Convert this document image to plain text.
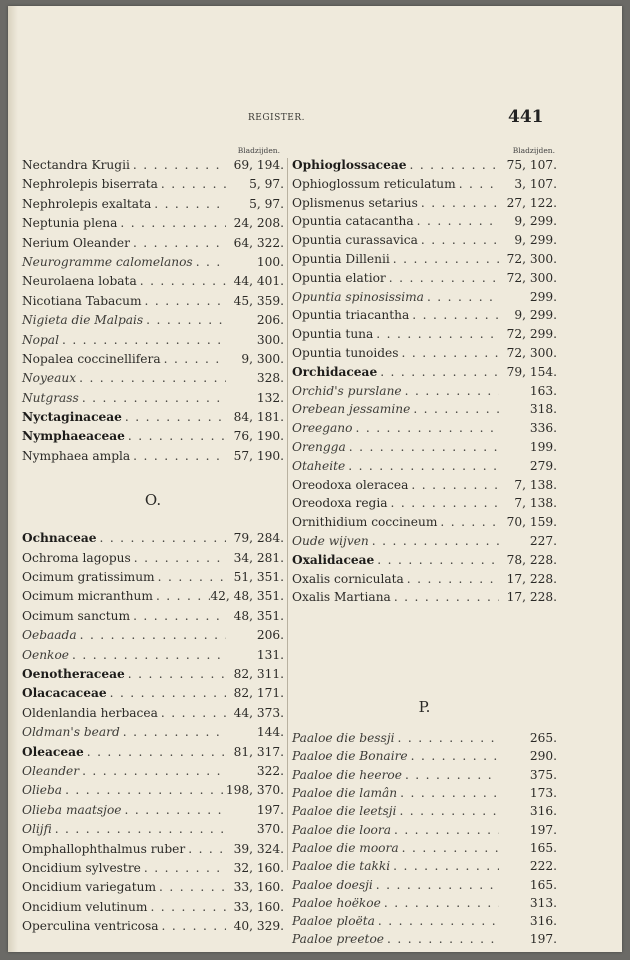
REGISTER.	441
Bladzijden.
Nectandra Krugii . . .	69, 194.
Nephrolepis biserrata . . .	5, 97.
Nephrolepis exaltata . . .	5, 97.
Neptunia plena . . .	24, 208.
Nerium Oleander . . .	64, 322.
Neurogramme calomelanos . . .	100.
Neurolaena lobata . . .	44, 401.
Nicotiana Tabacum . . .	45, 359.
Nigieta die Malpais . . .	206.
Nopal . . .	300.
Nopalea coccinellifera . . .	9, 300.
Noyeaux . . .	328.
Nutgrass . . .	132.
Nyctaginaceae . . .	84, 181.
Nymphaeaceae . . .	76, 190.
Nymphaea ampla . . .	57, 190.
O.
Ochnaceae . . .	79, 284.
Ochroma lagopus . . .	34, 281.
Ocimum gratissimum . . .	51, 351.
Ocimum micranthum . . .	42, 48, 351.
Ocimum sanctum . . .	48, 351.
Oebaada . . .	206.
Oenkoe . . .	131.
Oenotheraceae . . .	82, 311.
Olacacaceae . . .	82, 171.
Oldenlandia herbacea . . .	44, 373.
Oldman's beard . . .	144.
Oleaceae . . .	81, 317.
Oleander . . .	322.
Olieba . . .	198, 370.
Olieba maatsjoe . . .	197.
Olijfi . . .	370.
Omphallophthalmus ruber . . .	39, 324.
Oncidium sylvestre . . .	32, 160.
Oncidium variegatum . . .	33, 160.
Oncidium velutinum . . .	33, 160.
Operculina ventricosa . . .	40, 329.
Bladzijden.
Ophioglossaceae . . .	75, 107.
Ophioglossum reticulatum . . .	3, 107.
Oplismenus setarius . . .	27, 122.
Opuntia catacantha . . .	9, 299.
Opuntia curassavica . . .	9, 299.
Opuntia Dillenii . . .	72, 300.
Opuntia elatior . . .	72, 300.
Opuntia spinosissima . . .	299.
Opuntia triacantha . . .	9, 299.
Opuntia tuna . . .	72, 299.
Opuntia tunoides . . .	72, 300.
Orchidaceae . . .	79, 154.
Orchid's purslane . . .	163.
Orebean jessamine . . .	318.
Oreegano . . .	336.
Orengga . . .	199.
Otaheite . . .	279.
Oreodoxa oleracea . . .	7, 138.
Oreodoxa regia . . .	7, 138.
Ornithidium coccineum . . .	70, 159.
Oude wijven . . .	227.
Oxalidaceae . . .	78, 228.
Oxalis corniculata . . .	17, 228.
Oxalis Martiana . . .	17, 228.
P.
Paaloe die bessji . . .	265.
Paaloe die Bonaire . . .	290.
Paaloe die heeroe . . .	375.
Paaloe die lamân . . .	173.
Paaloe die leetsji . . .	316.
Paaloe die loora . . .	197.
Paaloe die moora . . .	165.
Paaloe die takki . . .	222.
Paaloe doesji . . .	165.
Paaloe hoëkoe . . .	313.
Paaloe ploëta . . .	316.
Paaloe preetoe . . .	197.
